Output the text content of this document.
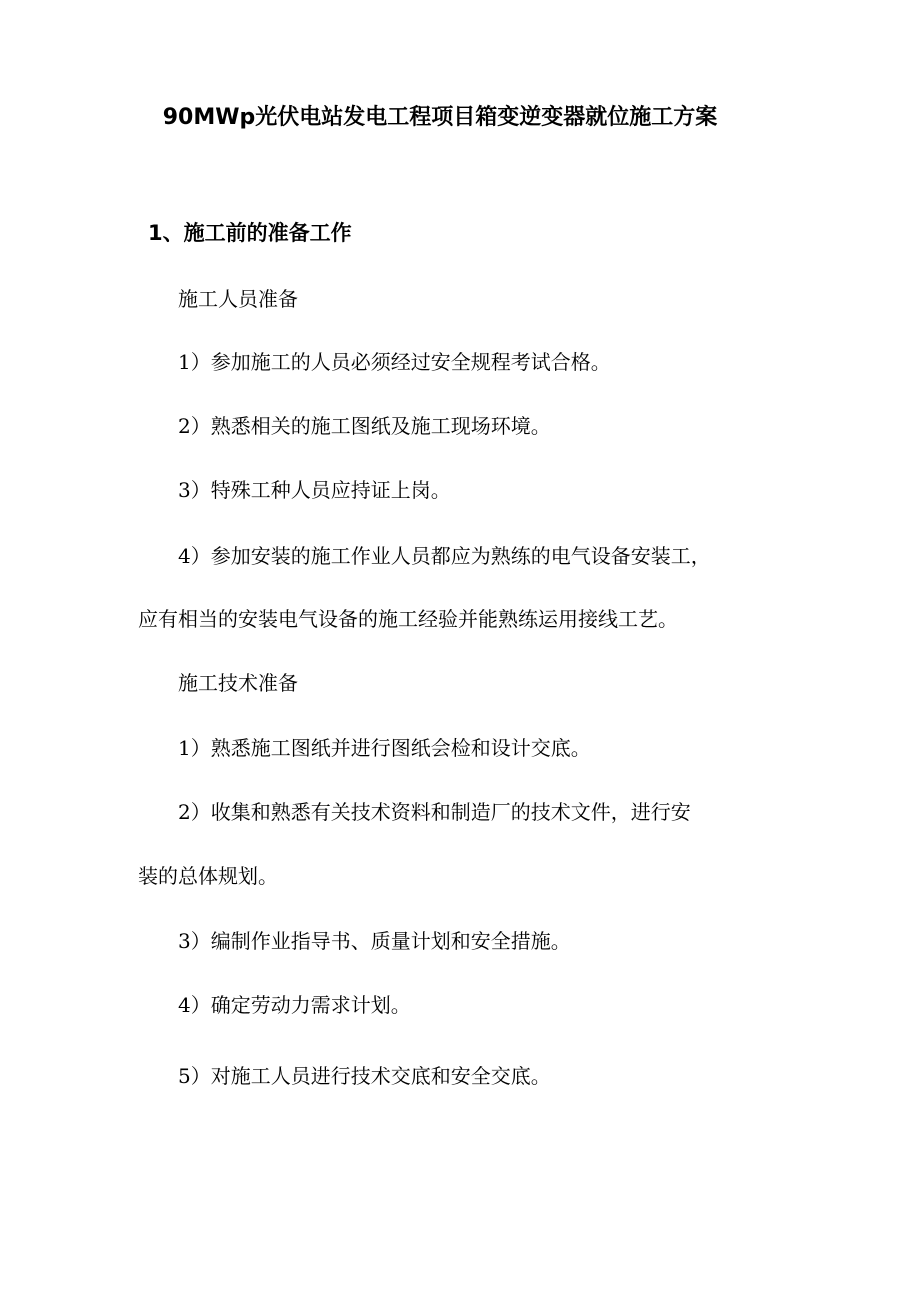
90MWp光伏电站发电工程项目箱变逆变器就位施工方案
1、施工前的准备工作
施工人员准备
1）参加施工的人员必须经过安全规程考试合格。
2）熟悉相关的施工图纸及施工现场环境。
3）特殊工种人员应持证上岗。
4）参加安装的施工作业人员都应为熟练的电气设备安装工，
应有相当的安装电气设备的施工经验并能熟练运用接线工艺。
施工技术准备
1）熟悉施工图纸并进行图纸会检和设计交底。
2）收集和熟悉有关技术资料和制造厂的技术文件，进行安
装的总体规划。
3）编制作业指导书、质量计划和安全措施。
4）确定劳动力需求计划。
5）对施工人员进行技术交底和安全交底。
